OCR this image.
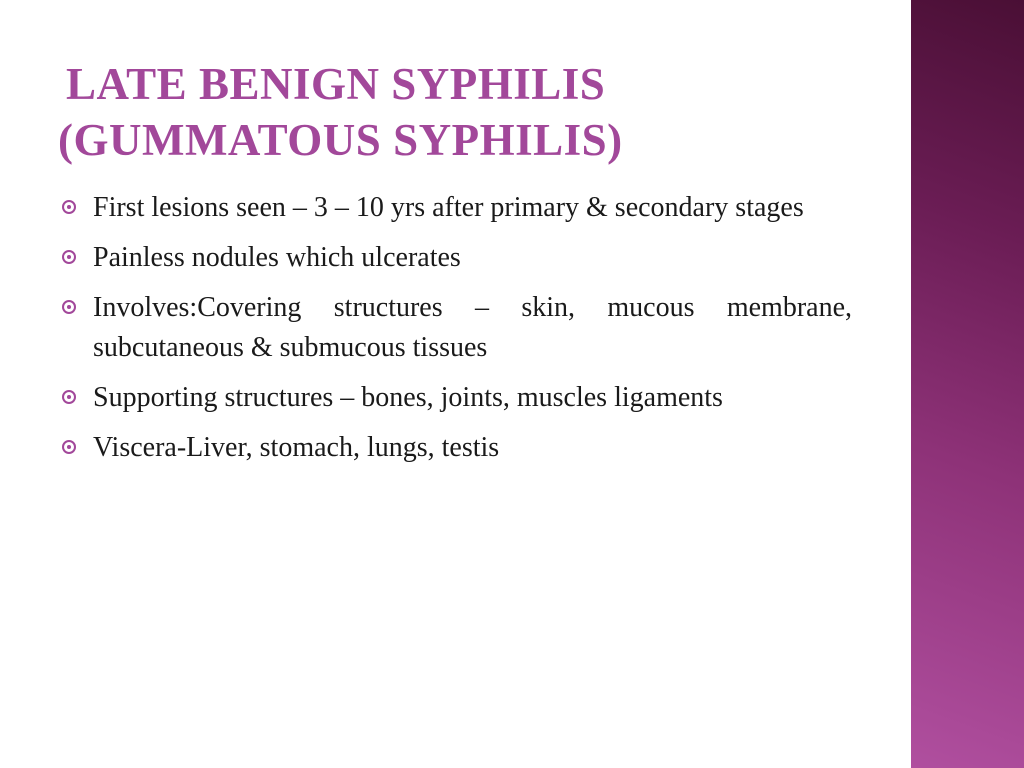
LATE BENIGN SYPHILIS
(GUMMATOUS SYPHILIS)
First lesions seen – 3 – 10 yrs after primary & secondary stages
Painless nodules which ulcerates
Involves:Covering structures – skin, mucous membrane, subcutaneous & submucous tissues
Supporting structures – bones, joints, muscles ligaments
Viscera-Liver, stomach, lungs, testis
